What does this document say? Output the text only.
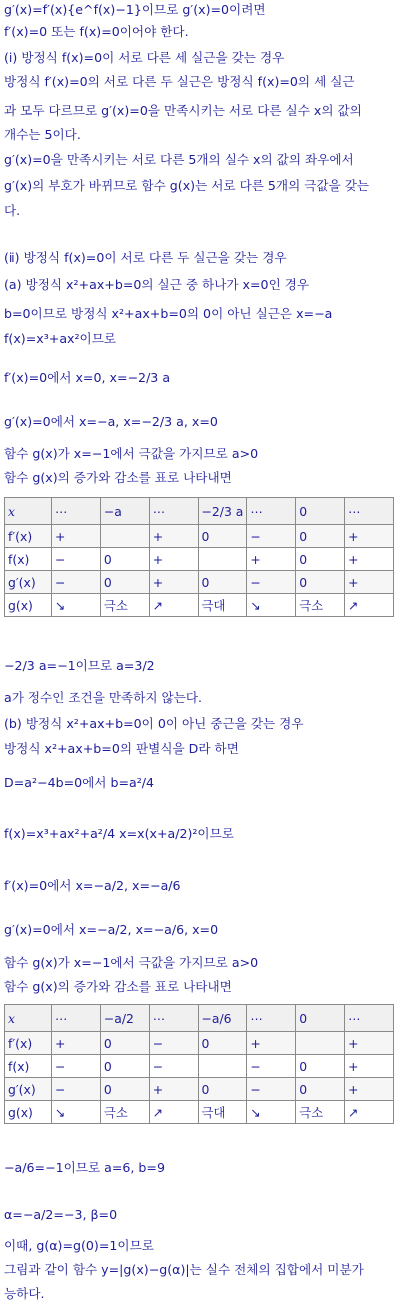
g′(x)=f′(x){e^f(x)−1}이므로 g′(x)=0이려면
f′(x)=0 또는 f(x)=0이어야 한다.
(ⅰ) 방정식 f(x)=0이 서로 다른 세 실근을 갖는 경우
방정식 f′(x)=0의 서로 다른 두 실근은 방정식 f(x)=0의 세 실근
과 모두 다르므로 g′(x)=0을 만족시키는 서로 다른 실수 x의 값의
개수는 5이다.
g′(x)=0을 만족시키는 서로 다른 5개의 실수 x의 값의 좌우에서
g′(x)의 부호가 바뀌므로 함수 g(x)는 서로 다른 5개의 극값을 갖는
다.
(ⅱ) 방정식 f(x)=0이 서로 다른 두 실근을 갖는 경우
(a) 방정식 x²+ax+b=0의 실근 중 하나가 x=0인 경우
b=0이므로 방정식 x²+ax+b=0의 0이 아닌 실근은 x=−a
f(x)=x³+ax²이므로
f′(x)=0에서 x=0, x=−2/3 a
g′(x)=0에서 x=−a, x=−2/3 a, x=0
함수 g(x)가 x=−1에서 극값을 가지므로 a>0
함수 g(x)의 증가와 감소를 표로 나타내면
x	⋯	−a	⋯	−2/3 a	⋯	0	⋯
f′(x)	+		+	0	−	0	+
f(x)	−	0	+		+	0	+
g′(x)	−	0	+	0	−	0	+
g(x)	↘	극소	↗	극대	↘	극소	↗
−2/3 a=−1이므로 a=3/2
a가 정수인 조건을 만족하지 않는다.
(b) 방정식 x²+ax+b=0이 0이 아닌 중근을 갖는 경우
방정식 x²+ax+b=0의 판별식을 D라 하면
D=a²−4b=0에서 b=a²/4
f(x)=x³+ax²+a²/4 x=x(x+a/2)²이므로
f′(x)=0에서 x=−a/2, x=−a/6
g′(x)=0에서 x=−a/2, x=−a/6, x=0
함수 g(x)가 x=−1에서 극값을 가지므로 a>0
함수 g(x)의 증가와 감소를 표로 나타내면
x	⋯	−a/2	⋯	−a/6	⋯	0	⋯
f′(x)	+	0	−	0	+		+
f(x)	−	0	−		−	0	+
g′(x)	−	0	+	0	−	0	+
g(x)	↘	극소	↗	극대	↘	극소	↗
−a/6=−1이므로 a=6, b=9
α=−a/2=−3, β=0
이때, g(α)=g(0)=1이므로
그림과 같이 함수 y=|g(x)−g(α)|는 실수 전체의 집합에서 미분가
능하다.
